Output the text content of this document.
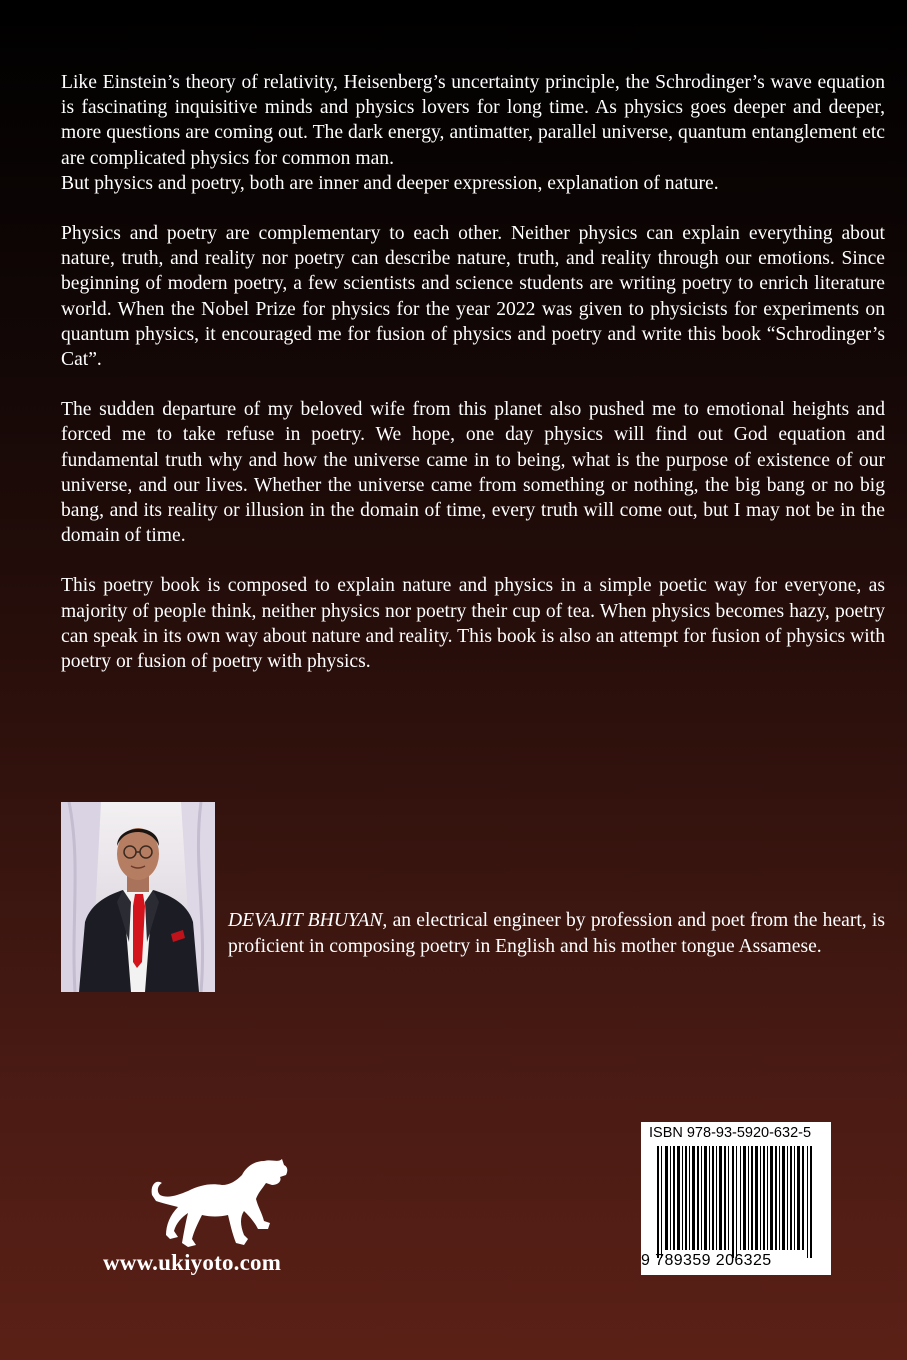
Like Einstein’s theory of relativity, Heisenberg’s uncertainty principle, the Schrodinger’s wave equation is fascinating inquisitive minds and physics lovers for long time. As physics goes deeper and deeper, more questions are coming out. The dark energy, antimatter, parallel universe, quantum entanglement etc are complicated physics for common man.

But physics and poetry, both are inner and deeper expression, explanation of nature.

Physics and poetry are complementary to each other. Neither physics can explain everything about nature, truth, and reality nor poetry can describe nature, truth, and reality through our emotions. Since beginning of modern poetry, a few scientists and science students are writing poetry to enrich literature world. When the Nobel Prize for physics for the year 2022 was given to physicists for experiments on quantum physics, it encouraged me for fusion of physics and poetry and write this book “Schrodinger’s Cat”.

The sudden departure of my beloved wife from this planet also pushed me to emotional heights and forced me to take refuse in poetry. We hope, one day physics will find out God equation and fundamental truth why and how the universe came in to being, what is the purpose of existence of our universe, and our lives. Whether the universe came from something or nothing, the big bang or no big bang, and its reality or illusion in the domain of time, every truth will come out, but I may not be in the domain of time.

This poetry book is composed to explain nature and physics in a simple poetic way for everyone, as majority of people think, neither physics nor poetry their cup of tea. When physics becomes hazy, poetry can speak in its own way about nature and reality. This book is also an attempt for fusion of physics with poetry or fusion of poetry with physics.

DEVAJIT BHUYAN, an electrical engineer by profession and poet from the heart, is proficient in composing poetry in English and his mother tongue Assamese.
www.ukiyoto.com
ISBN 978-93-5920-632-5
9 789359 206325
